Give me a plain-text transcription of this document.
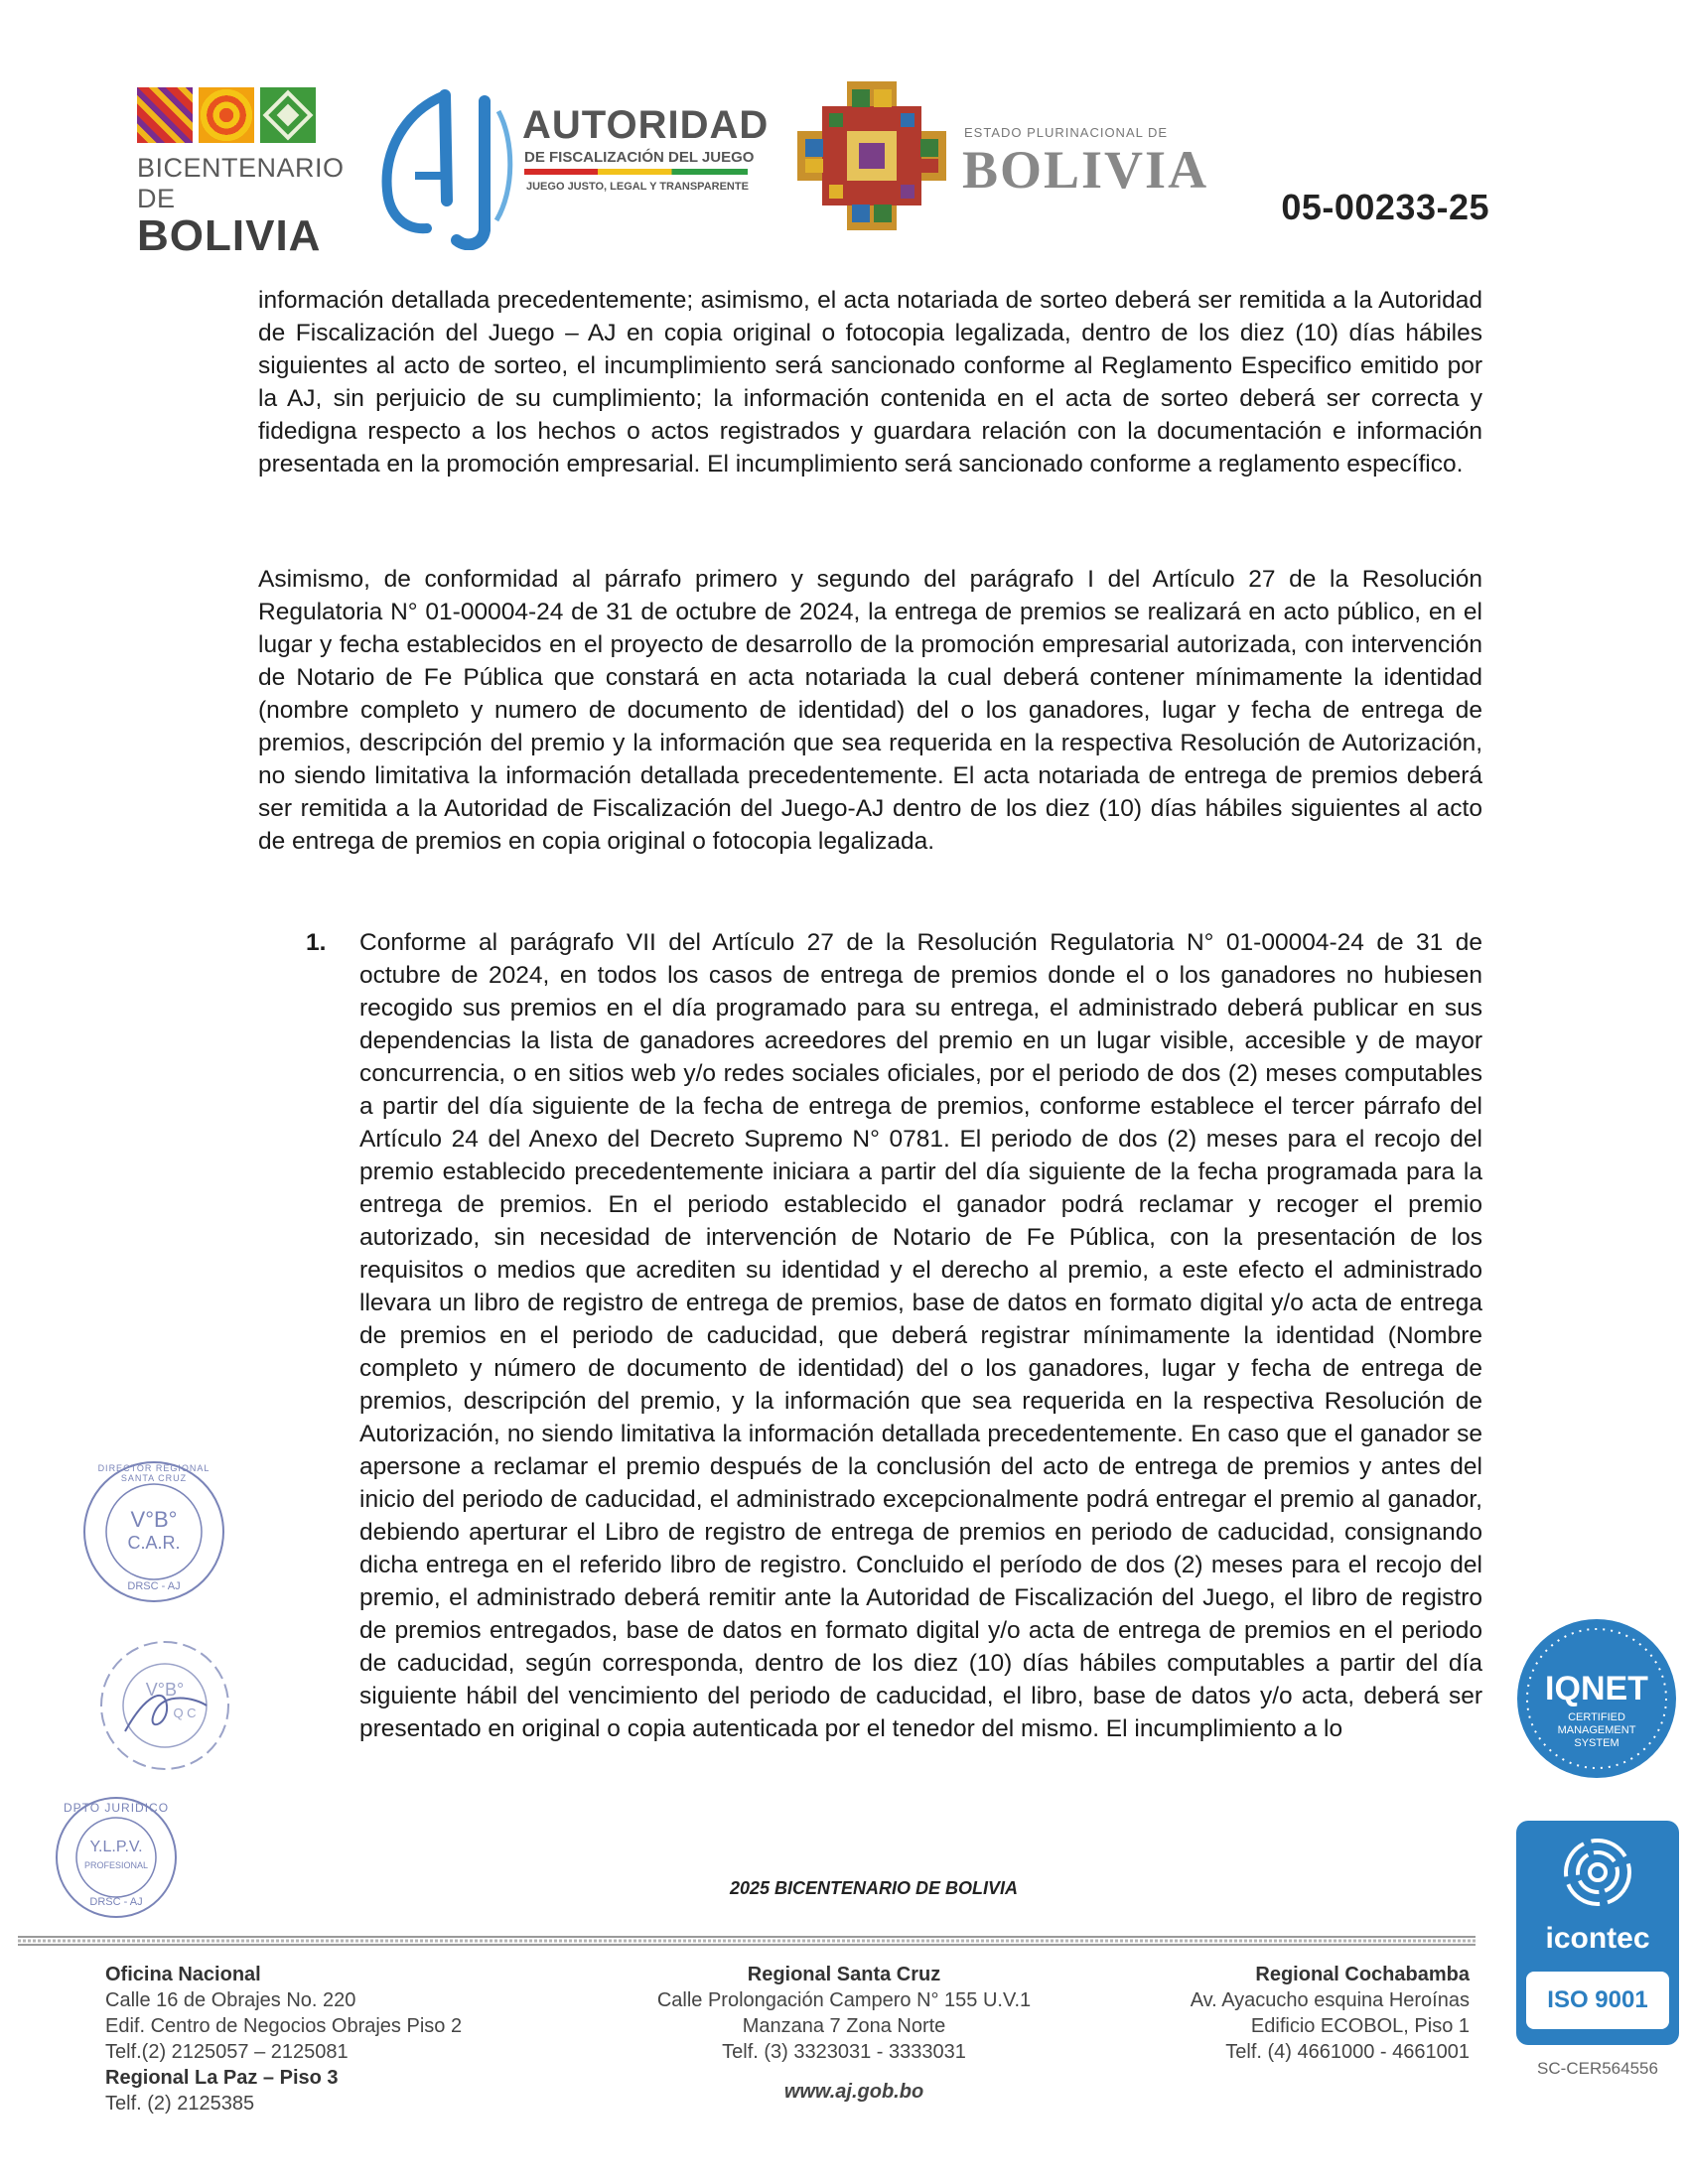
BICENTENARIO DE
BOLIVIA
AUTORIDAD
DE FISCALIZACIÓN DEL JUEGO
JUEGO JUSTO, LEGAL Y TRANSPARENTE
ESTADO PLURINACIONAL DE
BOLIVIA
05-00233-25

información detallada precedentemente; asimismo, el acta notariada de sorteo deberá ser remitida a la Autoridad de Fiscalización del Juego – AJ en copia original o fotocopia legalizada, dentro de los diez (10) días hábiles siguientes al acto de sorteo, el incumplimiento será sancionado conforme al Reglamento Especifico emitido por la AJ, sin perjuicio de su cumplimiento; la información contenida en el acta de sorteo deberá ser correcta y fidedigna respecto a los hechos o actos registrados y guardara relación con la documentación e información presentada en la promoción empresarial. El incumplimiento será sancionado conforme a reglamento específico.

Asimismo, de conformidad al párrafo primero y segundo del parágrafo I del Artículo 27 de la Resolución Regulatoria N° 01-00004-24 de 31 de octubre de 2024, la entrega de premios se realizará en acto público, en el lugar y fecha establecidos en el proyecto de desarrollo de la promoción empresarial autorizada, con intervención de Notario de Fe Pública que constará en acta notariada la cual deberá contener mínimamente la identidad (nombre completo y numero de documento de identidad) del o los ganadores, lugar y fecha de entrega de premios, descripción del premio y la información que sea requerida en la respectiva Resolución de Autorización, no siendo limitativa la información detallada precedentemente. El acta notariada de entrega de premios deberá ser remitida a la Autoridad de Fiscalización del Juego-AJ dentro de los diez (10) días hábiles siguientes al acto de entrega de premios en copia original o fotocopia legalizada.

1. Conforme al parágrafo VII del Artículo 27 de la Resolución Regulatoria N° 01-00004-24 de 31 de octubre de 2024, en todos los casos de entrega de premios donde el o los ganadores no hubiesen recogido sus premios en el día programado para su entrega, el administrado deberá publicar en sus dependencias la lista de ganadores acreedores del premio en un lugar visible, accesible y de mayor concurrencia, o en sitios web y/o redes sociales oficiales, por el periodo de dos (2) meses computables a partir del día siguiente de la fecha de entrega de premios, conforme establece el tercer párrafo del Artículo 24 del Anexo del Decreto Supremo N° 0781. El periodo de dos (2) meses para el recojo del premio establecido precedentemente iniciara a partir del día siguiente de la fecha programada para la entrega de premios. En el periodo establecido el ganador podrá reclamar y recoger el premio autorizado, sin necesidad de intervención de Notario de Fe Pública, con la presentación de los requisitos o medios que acrediten su identidad y el derecho al premio, a este efecto el administrado llevara un libro de registro de entrega de premios, base de datos en formato digital y/o acta de entrega de premios en el periodo de caducidad, que deberá registrar mínimamente la identidad (Nombre completo y número de documento de identidad) del o los ganadores, lugar y fecha de entrega de premios, descripción del premio, y la información que sea requerida en la respectiva Resolución de Autorización, no siendo limitativa la información detallada precedentemente. En caso que el ganador se apersone a reclamar el premio después de la conclusión del acto de entrega de premios y antes del inicio del periodo de caducidad, el administrado excepcionalmente podrá entregar el premio al ganador, debiendo aperturar el Libro de registro de entrega de premios en periodo de caducidad, consignando dicha entrega en el referido libro de registro. Concluido el período de dos (2) meses para el recojo del premio, el administrado deberá remitir ante la Autoridad de Fiscalización del Juego, el libro de registro de premios entregados, base de datos en formato digital y/o acta de entrega de premios en el periodo de caducidad, según corresponda, dentro de los diez (10) días hábiles computables a partir del día siguiente hábil del vencimiento del periodo de caducidad, el libro, base de datos y/o acta, deberá ser presentado en original o copia autenticada por el tenedor del mismo. El incumplimiento a lo

DIRECTOR REGIONAL SANTA CRUZ
V°B°
C.A.R.
DRSC - AJ
V°B°
Q C
DPTO JURIDICO
Y.L.P.V.
PROFESIONAL
DRSC - AJ
IQNET
CERTIFIED
MANAGEMENT
SYSTEM
icontec
ISO 9001
SC-CER564556
2025 BICENTENARIO DE BOLIVIA
Oficina Nacional
Calle 16 de Obrajes No. 220
Edif. Centro de Negocios Obrajes Piso 2
Telf.(2) 2125057 – 2125081
Regional La Paz – Piso 3
Telf. (2) 2125385
Regional Santa Cruz
Calle Prolongación Campero N° 155 U.V.1
Manzana 7 Zona Norte
Telf. (3) 3323031 - 3333031
Regional Cochabamba
Av. Ayacucho esquina Heroínas
Edificio ECOBOL, Piso 1
Telf. (4) 4661000 - 4661001
www.aj.gob.bo
